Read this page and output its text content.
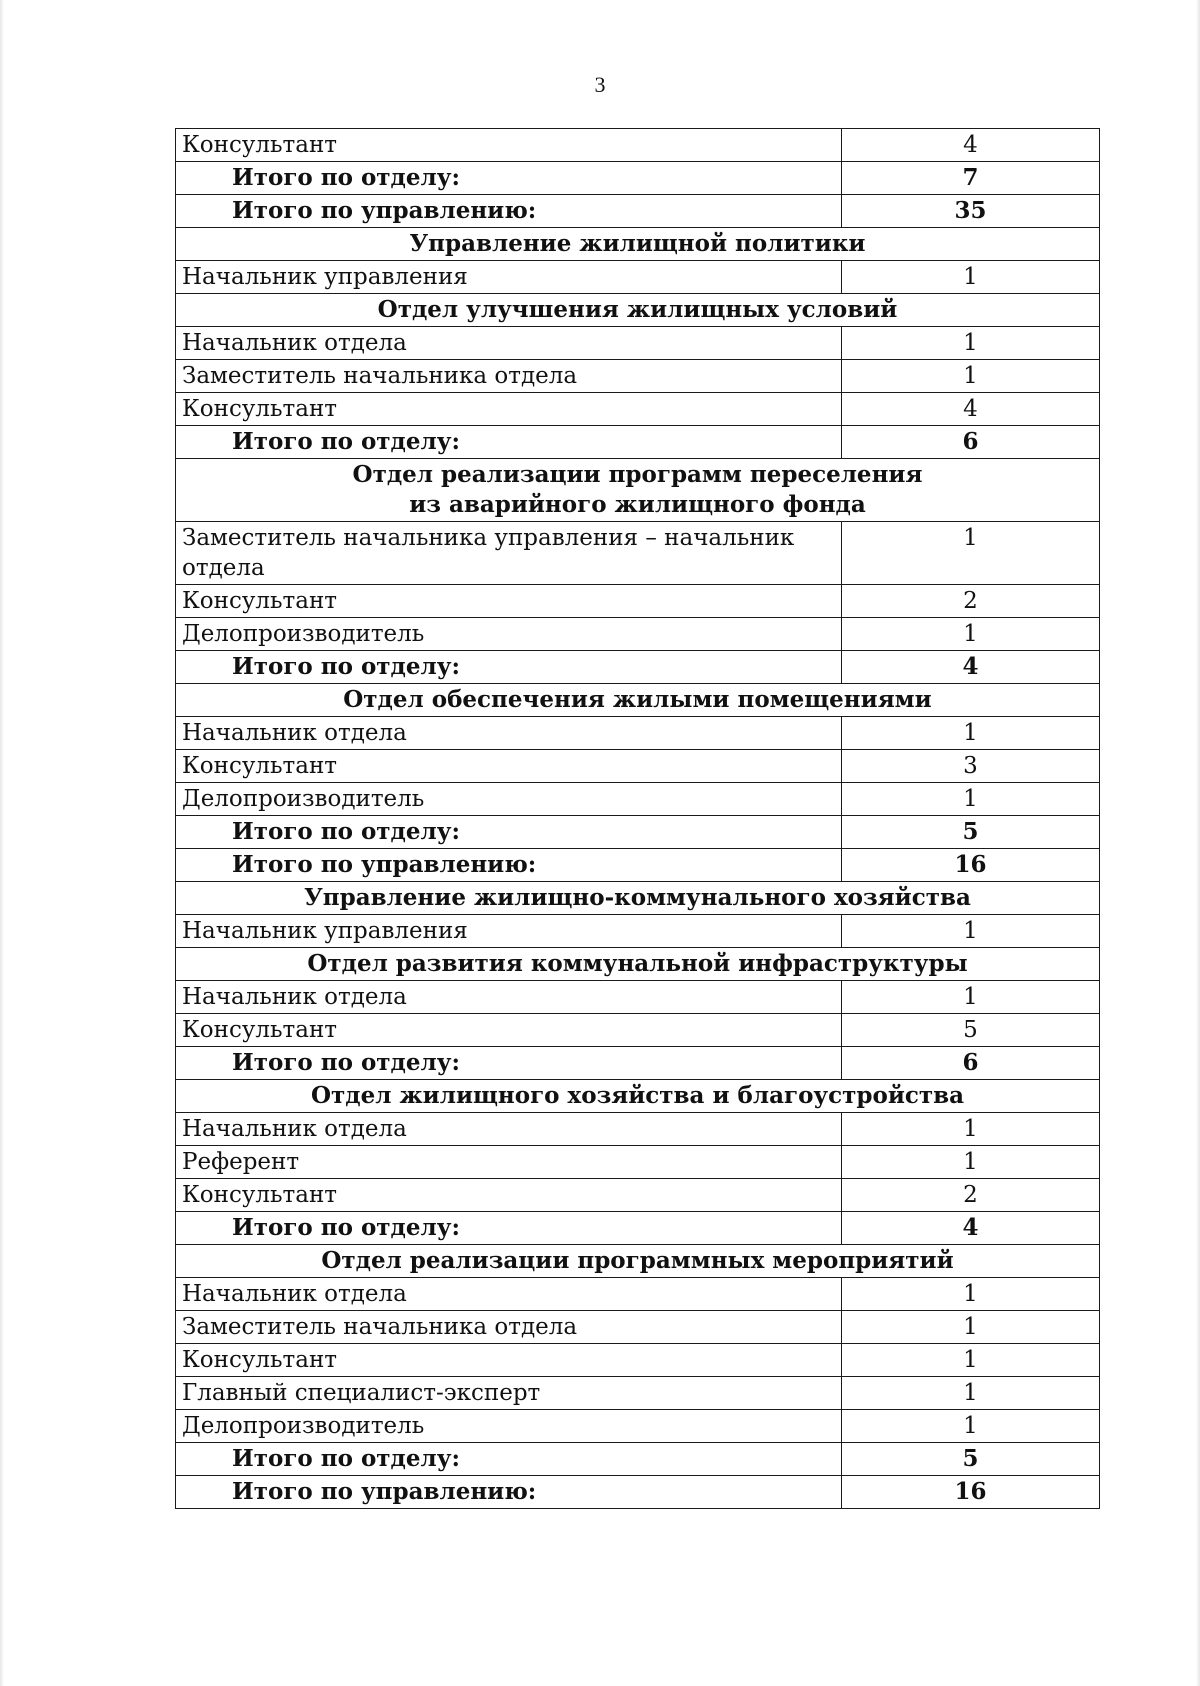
3
Консультант	4
Итого по отделу:	7
Итого по управлению:	35
Управление жилищной политики	
Начальник управления	1
Отдел улучшения жилищных условий	
Начальник отдела	1
Заместитель начальника отдела	1
Консультант	4
Итого по отделу:	6
Отдел реализации программ переселения
из аварийного жилищного фонда	
Заместитель начальника управления – начальник отдела	1
Консультант	2
Делопроизводитель	1
Итого по отделу:	4
Отдел обеспечения жилыми помещениями	
Начальник отдела	1
Консультант	3
Делопроизводитель	1
Итого по отделу:	5
Итого по управлению:	16
Управление жилищно-коммунального хозяйства	
Начальник управления	1
Отдел развития коммунальной инфраструктуры	
Начальник отдела	1
Консультант	5
Итого по отделу:	6
Отдел жилищного хозяйства и благоустройства	
Начальник отдела	1
Референт	1
Консультант	2
Итого по отделу:	4
Отдел реализации программных мероприятий	
Начальник отдела	1
Заместитель начальника отдела	1
Консультант	1
Главный специалист-эксперт	1
Делопроизводитель	1
Итого по отделу:	5
Итого по управлению:	16
